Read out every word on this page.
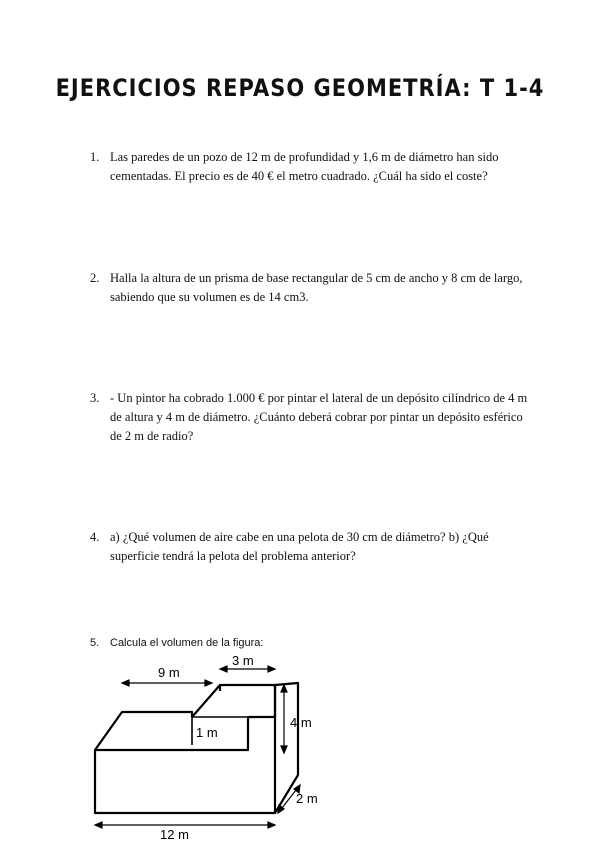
EJERCICIOS REPASO GEOMETRÍA: T 1-4
1. Las paredes de un pozo de 12 m de profundidad y 1,6 m de diámetro han sido cementadas. El precio es de 40 € el metro cuadrado. ¿Cuál ha sido el coste?
2. Halla la altura de un prisma de base rectangular de 5 cm de ancho y 8 cm de largo, sabiendo que su volumen es de 14 cm3.
3. - Un pintor ha cobrado 1.000 € por pintar el lateral de un depósito cilíndrico de 4 m de altura y 4 m de diámetro. ¿Cuánto deberá cobrar por pintar un depósito esférico de 2 m de radio?
4. a) ¿Qué volumen de aire cabe en una pelota de 30 cm de diámetro? b) ¿Qué superficie tendrá la pelota del problema anterior?
5. Calcula el volumen de la figura:
9 m
3 m
4 m
1 m
2 m
12 m
